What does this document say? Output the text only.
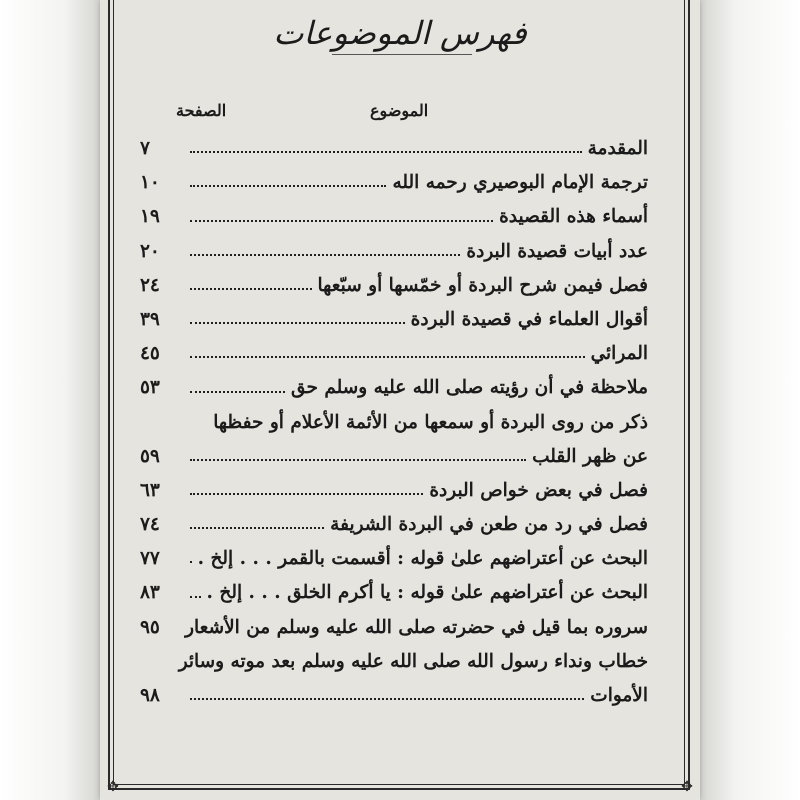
✥	✥
فهرس الموضوعات
الموضوع
الصفحة
المقدمة
٧
ترجمة الإمام البوصيري رحمه الله
١٠
أسماء هذه القصيدة
١٩
عدد أبيات قصيدة البردة
٢٠
فصل فيمن شرح البردة أو خمّسها أو سبّعها
٢٤
أقوال العلماء في قصيدة البردة
٣٩
المرائي
٤٥
ملاحظة في أن رؤيته صلى الله عليه وسلم حق
٥٣
ذكر من روى البردة أو سمعها من الأئمة الأعلام أو حفظها
عن ظهر القلب
٥٩
فصل في بعض خواص البردة
٦٣
فصل في رد من طعن في البردة الشريفة
٧٤
البحث عن أعتراضهم علىٰ قوله : أقسمت بالقمر . . . إلخ .
٧٧
البحث عن أعتراضهم علىٰ قوله : يا أكرم الخلق . . . إلخ .
٨٣
سروره بما قيل في حضرته صلى الله عليه وسلم من الأشعار
٩٥
خطاب ونداء رسول الله صلى الله عليه وسلم بعد موته وسائر
الأموات
٩٨
